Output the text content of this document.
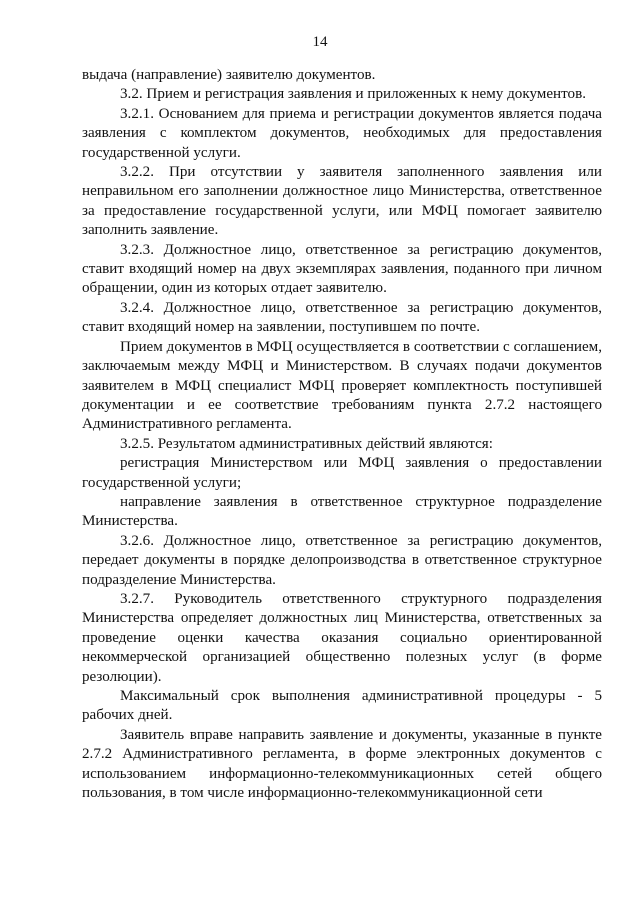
14

выдача (направление) заявителю документов.

3.2. Прием и регистрация заявления и приложенных к нему документов.

3.2.1. Основанием для приема и регистрации документов является подача заявления с комплектом документов, необходимых для предоставления государственной услуги.

3.2.2. При отсутствии у заявителя заполненного заявления или неправильном его заполнении должностное лицо Министерства, ответственное за предоставление государственной услуги, или МФЦ помогает заявителю заполнить заявление.

3.2.3. Должностное лицо, ответственное за регистрацию документов, ставит входящий номер на двух экземплярах заявления, поданного при личном обращении, один из которых отдает заявителю.

3.2.4. Должностное лицо, ответственное за регистрацию документов, ставит входящий номер на заявлении, поступившем по почте.

Прием документов в МФЦ осуществляется в соответствии с соглашением, заключаемым между МФЦ и Министерством. В случаях подачи документов заявителем в МФЦ специалист МФЦ проверяет комплектность поступившей документации и ее соответствие требованиям пункта 2.7.2 настоящего Административного регламента.

3.2.5. Результатом административных действий являются:

регистрация Министерством или МФЦ заявления о предоставлении государственной услуги;

направление заявления в ответственное структурное подразделение Министерства.

3.2.6. Должностное лицо, ответственное за регистрацию документов, передает документы в порядке делопроизводства в ответственное структурное подразделение Министерства.

3.2.7. Руководитель ответственного структурного подразделения Министерства определяет должностных лиц Министерства, ответственных за проведение оценки качества оказания социально ориентированной некоммерческой организацией общественно полезных услуг (в форме резолюции).

Максимальный срок выполнения административной процедуры - 5 рабочих дней.

Заявитель вправе направить заявление и документы, указанные в пункте 2.7.2 Административного регламента, в форме электронных документов с использованием информационно-телекоммуникационных сетей общего пользования, в том числе информационно-телекоммуникационной сети
